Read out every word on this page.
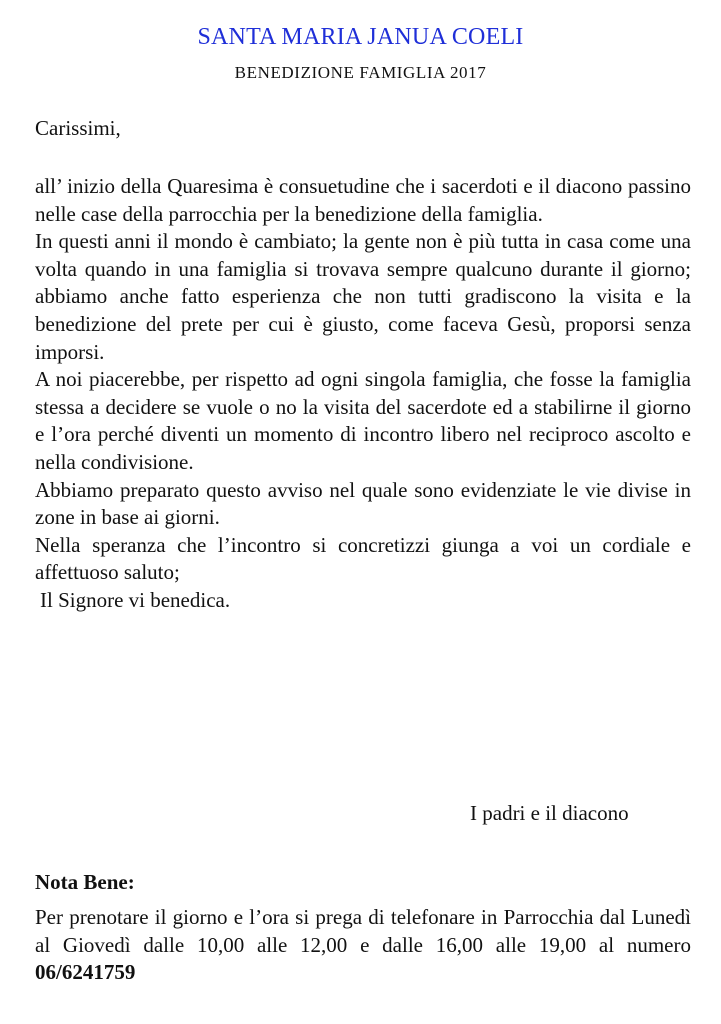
SANTA MARIA JANUA COELI
BENEDIZIONE FAMIGLIA 2017
Carissimi,

all’ inizio della Quaresima è consuetudine che i sacerdoti e il diacono passino nelle case della parrocchia per la benedizione della famiglia.

In questi anni il mondo è cambiato; la gente non è più tutta in casa come una volta quando in una famiglia si trovava sempre qualcuno durante il giorno; abbiamo anche fatto esperienza che non tutti gradiscono la visita e la benedizione del prete per cui è giusto, come faceva Gesù, proporsi senza imporsi.

A noi piacerebbe, per rispetto ad ogni singola famiglia, che fosse la famiglia stessa a decidere se vuole o no la visita del sacerdote ed a stabilirne il giorno e l’ora perché diventi un momento di incontro libero nel reciproco ascolto e nella condivisione.

Abbiamo preparato questo avviso nel quale sono evidenziate le vie divise in zone in base ai giorni.

Nella speranza che l’incontro si concretizzi giunga a voi un cordiale e affettuoso saluto;

Il Signore vi benedica.

I padri e il diacono
Nota Bene:
Per prenotare il giorno e l’ora si prega di telefonare in Parrocchia dal Lunedì al Giovedì dalle 10,00 alle 12,00 e dalle 16,00 alle 19,00 al numero 06/6241759
